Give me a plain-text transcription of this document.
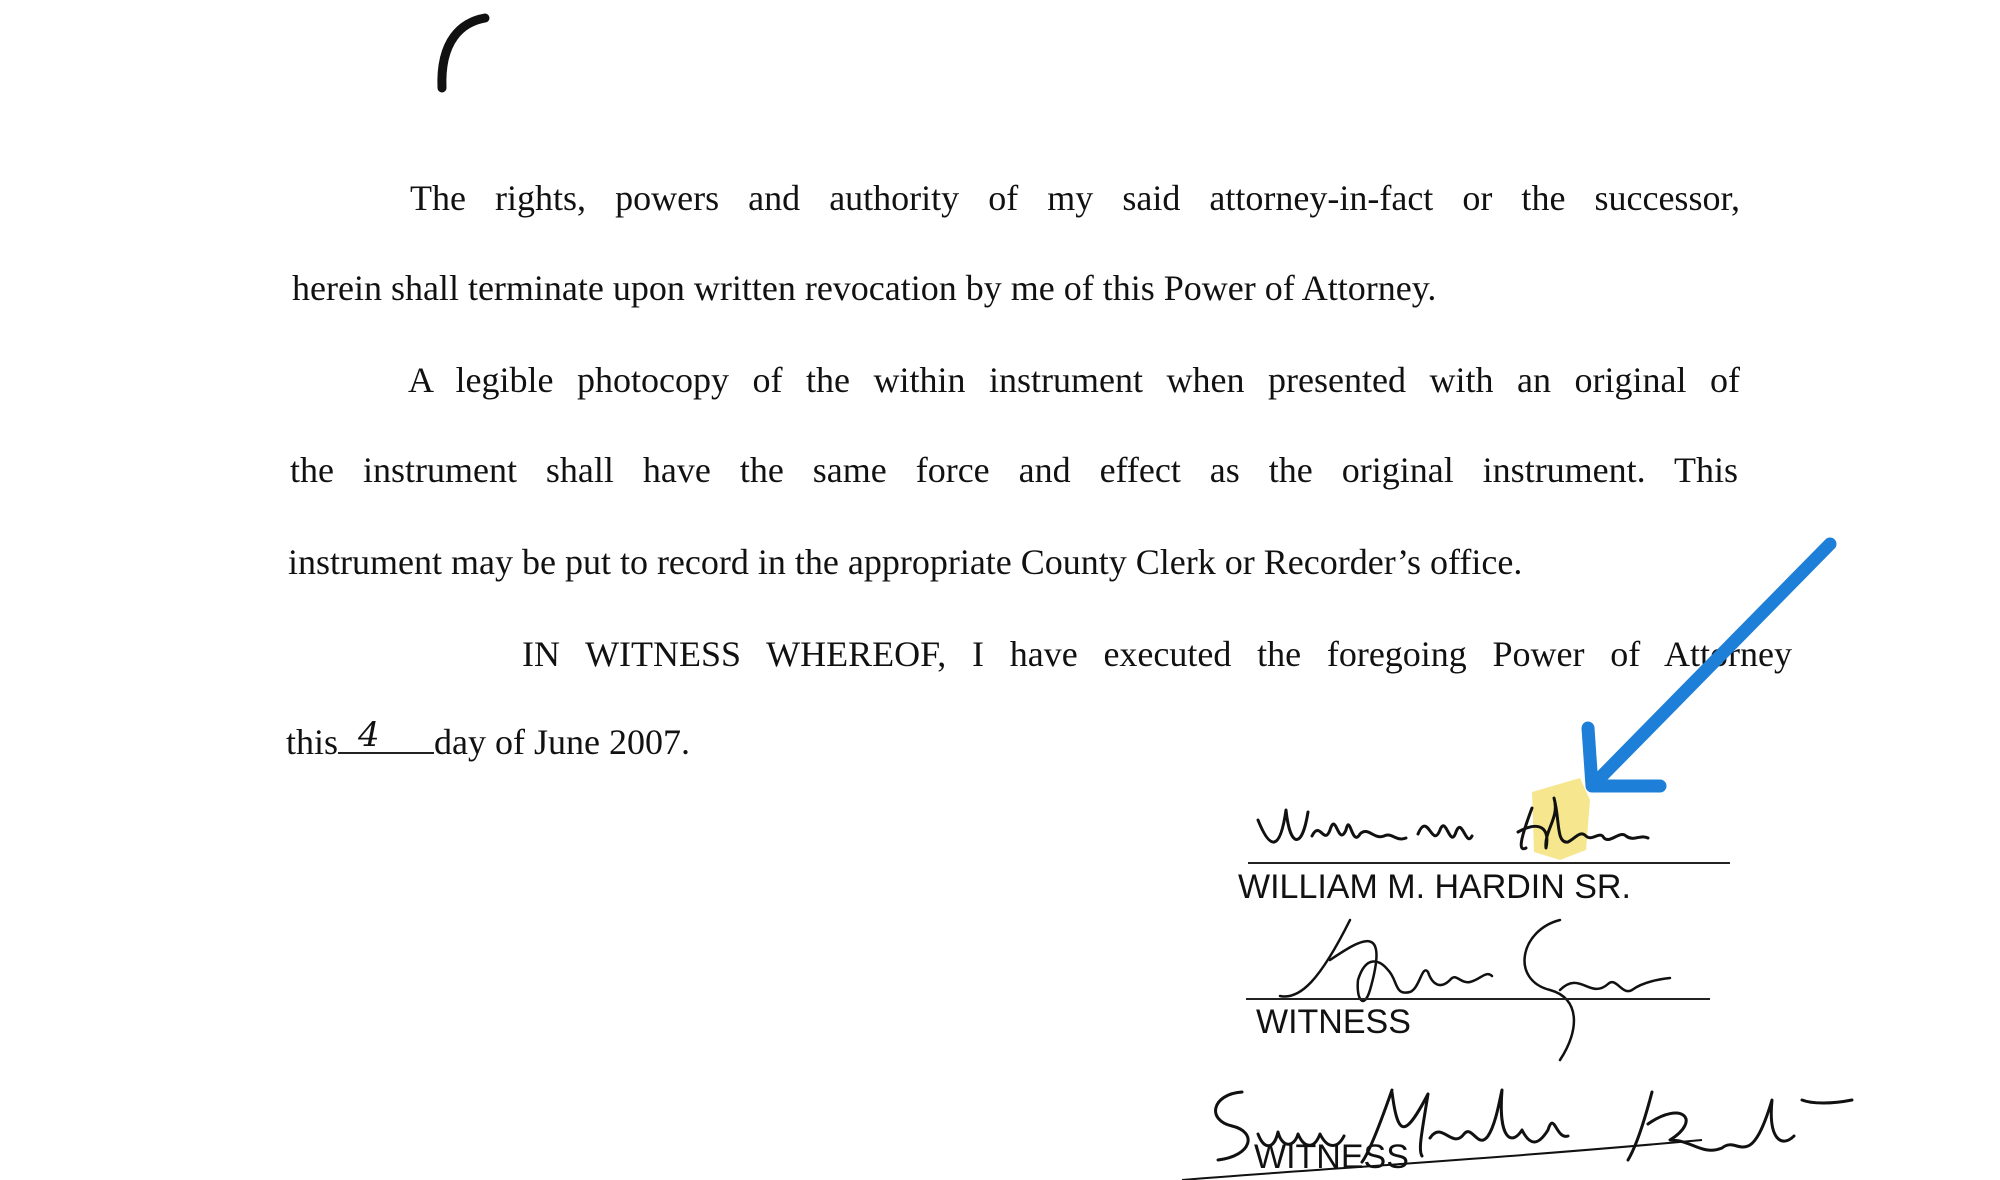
The rights, powers and authority of my said attorney-in-fact or the successor,
herein shall terminate upon written revocation by me of this Power of Attorney.
A legible photocopy of the within instrument when presented with an original of
the instrument shall have the same force and effect as the original instrument. This
instrument may be put to record in the appropriate County Clerk or Recorder’s office.
IN WITNESS WHEREOF, I have executed the foregoing Power of Attorney
this 4 day of June 2007.
WILLIAM M. HARDIN SR.
WITNESS
WITNESS
